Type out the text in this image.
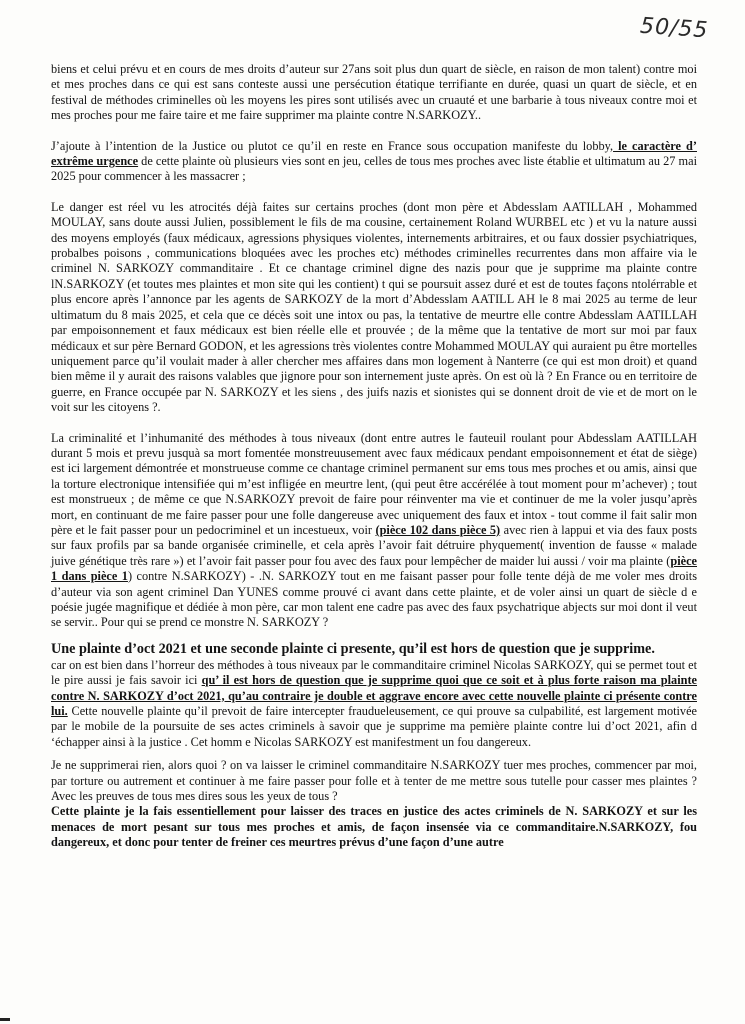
50/55

biens et celui prévu et en cours de mes droits d’auteur sur 27ans soit plus dun quart de siècle, en raison de mon talent) contre moi et mes proches dans ce qui est sans conteste aussi une persécution étatique terrifiante en durée, quasi un quart de siècle, et en festival de méthodes criminelles où les moyens les pires sont utilisés avec un cruauté et une barbarie à tous niveaux contre moi et mes proches pour me faire taire et me faire supprimer ma plainte contre N.SARKOZY..

J’ajoute à l’intention de la Justice ou plutot ce qu’il en reste en France sous occupation manifeste du lobby, le caractère d’ extrême urgence de cette plainte où plusieurs vies sont en jeu, celles de tous mes proches avec liste établie et ultimatum au 27 mai 2025 pour commencer à les massacrer ;

Le danger est réel vu les atrocités déjà faites sur certains proches (dont mon père et Abdesslam AATILLAH , Mohammed MOULAY, sans doute aussi Julien, possiblement le fils de ma cousine, certainement Roland WURBEL etc ) et vu la nature aussi des moyens employés (faux médicaux, agressions physiques violentes, internements arbitraires, et ou faux dossier psychiatriques, probalbes poisons , communications bloquées avec les proches etc) méthodes criminelles recurrentes dans mon affaire via le criminel N. SARKOZY commanditaire . Et ce chantage criminel digne des nazis pour que je supprime ma plainte contre lN.SARKOZY (et toutes mes plaintes et mon site qui les contient) t qui se poursuit assez duré et est de toutes façons ntolérrable et plus encore après l’annonce par les agents de SARKOZY de la mort d’Abdesslam AATILL AH le 8 mai 2025 au terme de leur ultimatum du 8 mais 2025, et cela que ce décès soit une intox ou pas, la tentative de meurtre elle contre Abdesslam AATILLAH par empoisonnement et faux médicaux est bien réelle elle et prouvée ; de la même que la tentative de mort sur moi par faux médicaux et sur père Bernard GODON, et les agressions très violentes contre Mohammed MOULAY qui auraient pu être mortelles uniquement parce qu’il voulait mader à aller chercher mes affaires dans mon logement à Nanterre (ce qui est mon droit) et quand bien même il y aurait des raisons valables que jignore pour son internement juste après. On est où là ? En France ou en territoire de guerre, en France occupée par N. SARKOZY et les siens , des juifs nazis et sionistes qui se donnent droit de vie et de mort on le voit sur les citoyens ?.

La criminalité et l’inhumanité des méthodes à tous niveaux (dont entre autres le fauteuil roulant pour Abdesslam AATILLAH durant 5 mois et prevu jusquà sa mort fomentée monstreuusement avec faux médicaux pendant empoisonnement et état de siège) est ici largement démontrée et monstrueuse comme ce chantage criminel permanent sur ems tous mes proches et ou amis, ainsi que la torture electronique intensifiée qui m’est infligée en meurtre lent, (qui peut être accérélée à tout moment pour m’achever) ; tout est monstrueux ; de même ce que N.SARKOZY prevoit de faire pour réinventer ma vie et continuer de me la voler jusqu’après mort, en continuant de me faire passer pour une folle dangereuse avec uniquement des faux et intox - tout comme il fait salir mon père et le fait passer pour un pedocriminel et un incestueux, voir (pièce 102 dans pièce 5) avec rien à lappui et via des faux posts sur faux profils par sa bande organisée criminelle, et cela après l’avoir fait détruire phyquement( invention de fausse « malade juive génétique très rare ») et l’avoir fait passer pour fou avec des faux pour lempêcher de maider lui aussi / voir ma plainte (pièce 1 dans pièce 1) contre N.SARKOZY) - .N. SARKOZY tout en me faisant passer pour folle tente déjà de me voler mes droits d’auteur via son agent criminel Dan YUNES comme prouvé ci avant dans cette plainte, et de voler ainsi un quart de siècle d e poésie jugée magnifique et dédiée à mon père, car mon talent ene cadre pas avec des faux psychatrique abjects sur moi dont il veut se servir.. Pour qui se prend ce monstre N. SARKOZY ?

Une plainte d’oct 2021 et une seconde plainte ci presente, qu’il est hors de question que je supprime.

car on est bien dans l’horreur des méthodes à tous niveaux par le commanditaire criminel Nicolas SARKOZY, qui se permet tout et le pire aussi je fais savoir ici qu’ il est hors de question que je supprime quoi que ce soit et à plus forte raison ma plainte contre N. SARKOZY d’oct 2021, qu’au contraire je double et aggrave encore avec cette nouvelle plainte ci présente contre lui. Cette nouvelle plainte qu’il prevoit de faire intercepter fraudueleusement, ce qui prouve sa culpabilité, est largement motivée par le mobile de la poursuite de ses actes criminels à savoir que je supprime ma pemière plainte contre lui d’oct 2021, afin d ‘échapper ainsi à la justice . Cet homm e Nicolas SARKOZY est manifestment un fou dangereux.

Je ne supprimerai rien, alors quoi ? on va laisser le criminel commanditaire N.SARKOZY tuer mes proches, commencer par moi, par torture ou autrement et continuer à me faire passer pour folle et à tenter de me mettre sous tutelle pour casser mes plaintes ? Avec les preuves de tous mes dires sous les yeux de tous ?

Cette plainte je la fais essentiellement pour laisser des traces en justice des actes criminels de N. SARKOZY et sur les menaces de mort pesant sur tous mes proches et amis, de façon insensée via ce commanditaire.N.SARKOZY, fou dangereux, et donc pour tenter de freiner ces meurtres prévus d’une façon d’une autre
